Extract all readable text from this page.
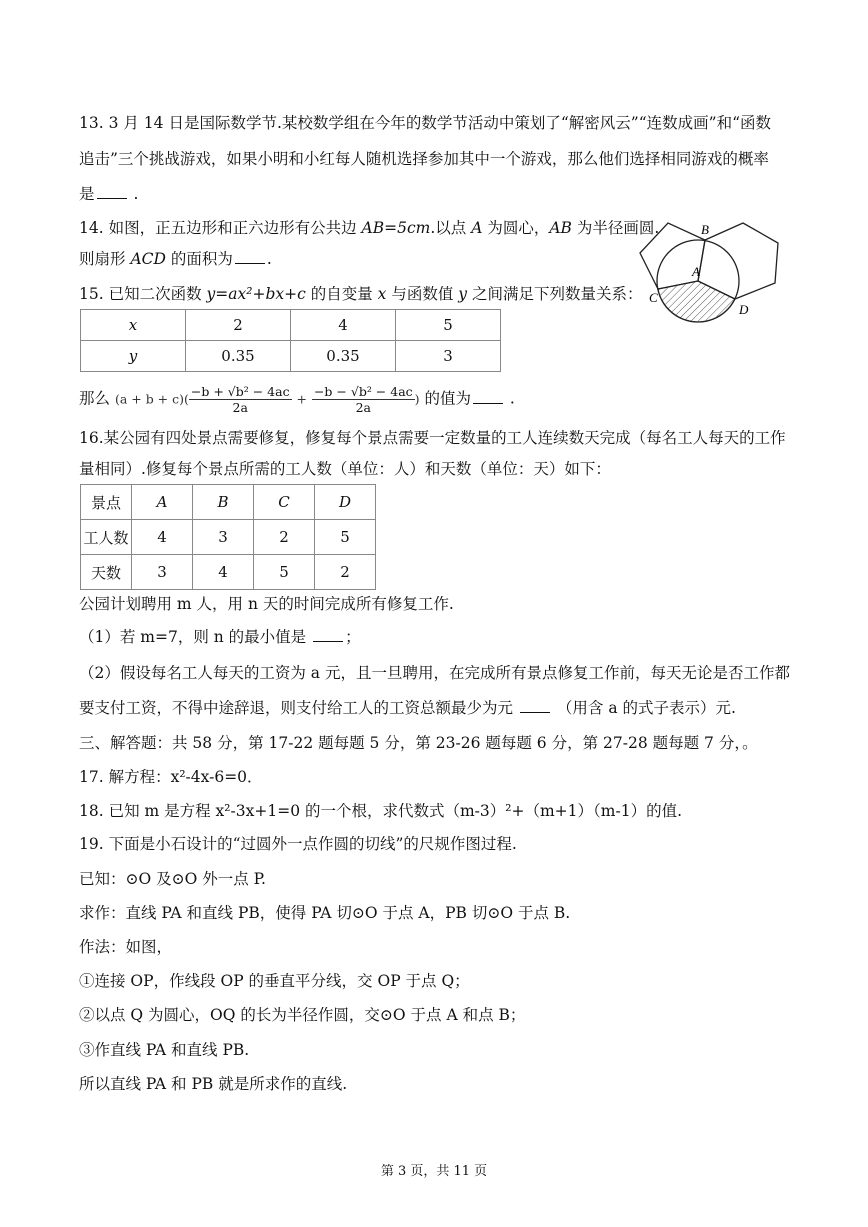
13. 3 月 14 日是国际数学节.某校数学组在今年的数学节活动中策划了“解密风云”“连数成画”和“函数
追击”三个挑战游戏，如果小明和小红每人随机选择参加其中一个游戏，那么他们选择相同游戏的概率
是 .
14. 如图，正五边形和正六边形有公共边 AB=5cm.以点 A 为圆心，AB 为半径画圆.
则扇形 ACD 的面积为 .
B
A
C
D
15. 已知二次函数 y=ax²+bx+c 的自变量 x 与函数值 y 之间满足下列数量关系：
x	2	4	5
y	0.35	0.35	3
那么 $(a + b + c)( \frac{\text{−b + √b² − 4ac}}{2a} + \frac{\text{−b − √b² − 4ac}}{2a}$ ) 的值为 .
16.某公园有四处景点需要修复，修复每个景点需要一定数量的工人连续数天完成（每名工人每天的工作
量相同）.修复每个景点所需的工人数（单位：人）和天数（单位：天）如下：
景点	A	B	C	D
工人数	4	3	2	5
天数	3	4	5	2
公园计划聘用 m 人，用 n 天的时间完成所有修复工作.
（1）若 m=7，则 n 的最小值是	；
（2）假设每名工人每天的工资为 a 元，且一旦聘用，在完成所有景点修复工作前，每天无论是否工作都
要支付工资，不得中途辞退，则支付给工人的工资总额最少为元	（用含 a 的式子表示）元.
三、解答题：共 58 分，第 17-22 题每题 5 分，第 23-26 题每题 6 分，第 27-28 题每题 7 分，。
17. 解方程：x²-4x-6=0．
18. 已知 m 是方程 x²-3x+1=0 的一个根，求代数式（m-3）²+（m+1）（m-1）的值.
19. 下面是小石设计的“过圆外一点作圆的切线”的尺规作图过程.
已知：⊙O 及⊙O 外一点 P.
求作：直线 PA 和直线 PB，使得 PA 切⊙O 于点 A，PB 切⊙O 于点 B.
作法：如图，
①连接 OP，作线段 OP 的垂直平分线，交 OP 于点 Q；
②以点 Q 为圆心，OQ 的长为半径作圆，交⊙O 于点 A 和点 B；
③作直线 PA 和直线 PB.
所以直线 PA 和 PB 就是所求作的直线.
第 3 页，共 11 页
